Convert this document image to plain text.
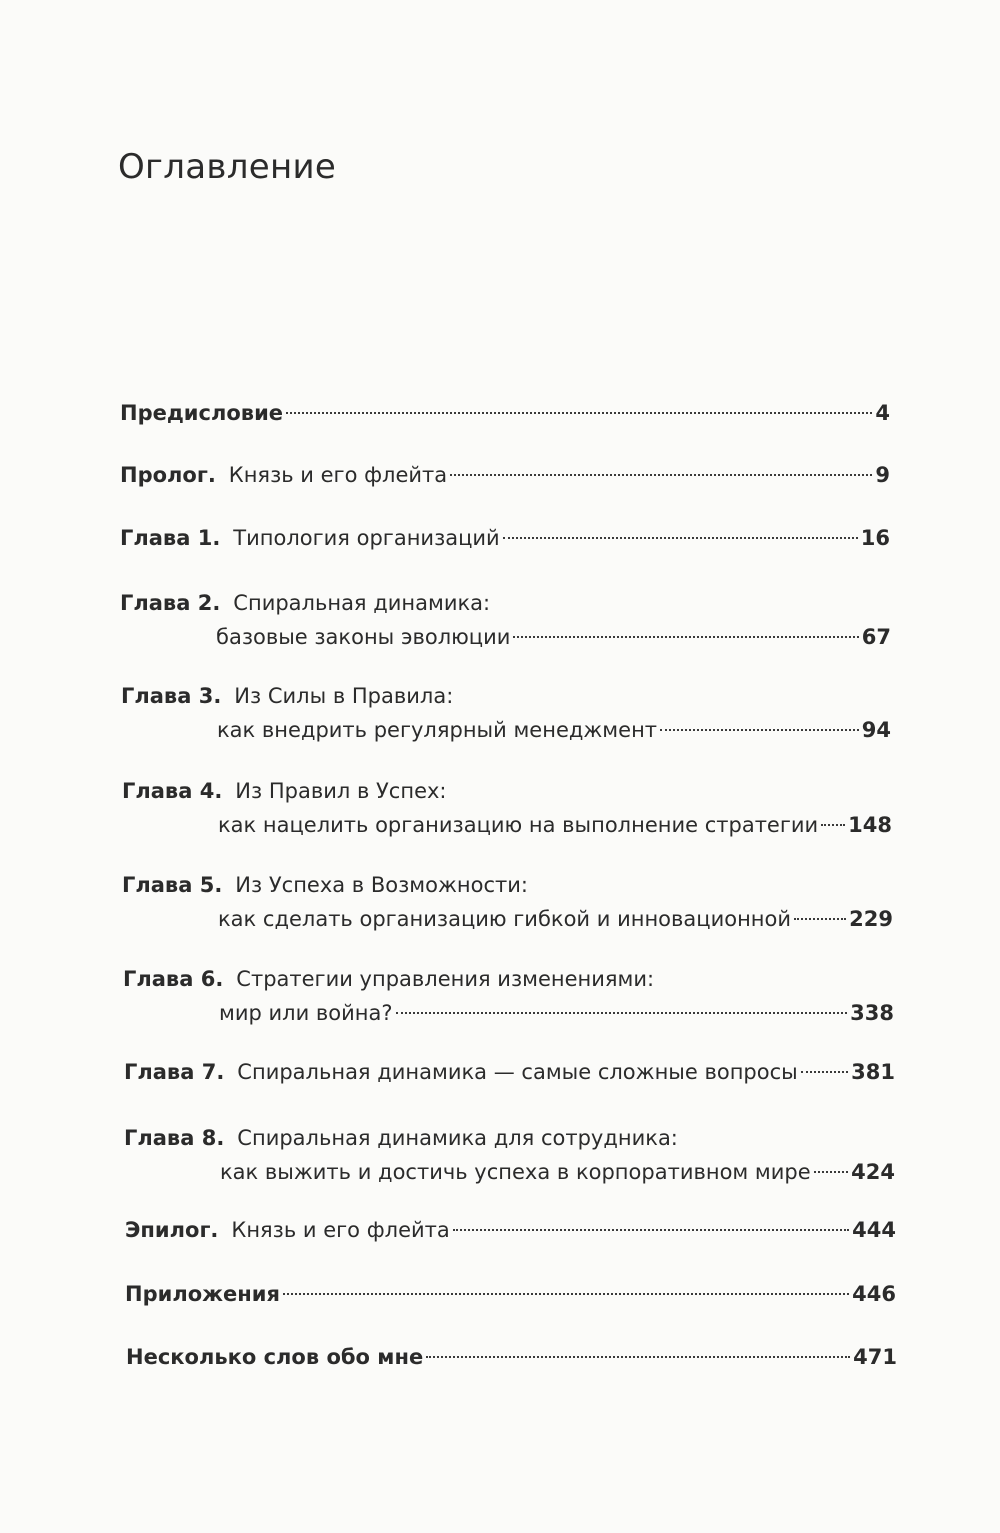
Оглавление
Предисловие	4
Пролог. Князь и его флейта	9
Глава 1. Типология организаций	16
Глава 2. Спиральная динамика:
базовые законы эволюции	67
Глава 3. Из Силы в Правила:
как внедрить регулярный менеджмент	94
Глава 4. Из Правил в Успех:
как нацелить организацию на выполнение стратегии 148
Глава 5. Из Успеха в Возможности:
как сделать организацию гибкой и инновационной	229
Глава 6. Стратегии управления изменениями:
мир или война?	338
Глава 7. Спиральная динамика — самые сложные вопросы	381
Глава 8. Спиральная динамика для сотрудника:
как выжить и достичь успеха в корпоративном мире 424
Эпилог. Князь и его флейта	444
Приложения	446
Несколько слов обо мне	471
